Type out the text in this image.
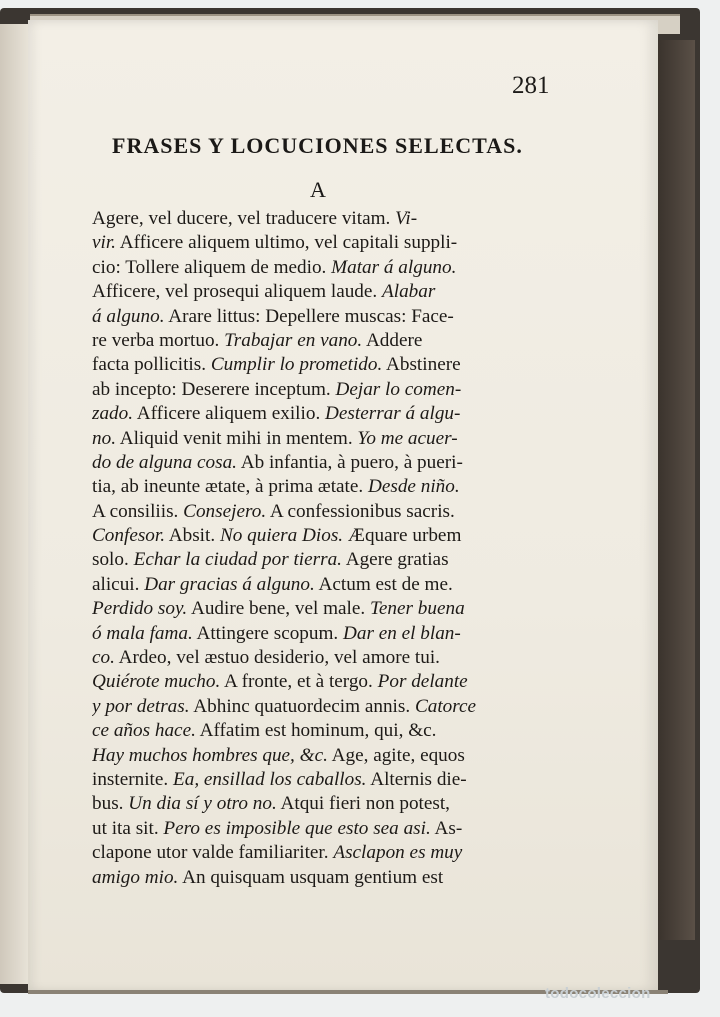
281
FRASES Y LOCUCIONES SELECTAS.
A
Agere, vel ducere, vel traducere vitam. Vi-
vir. Afficere aliquem ultimo, vel capitali suppli-
cio: Tollere aliquem de medio. Matar á alguno.
Afficere, vel prosequi aliquem laude. Alabar
á alguno. Arare littus: Depellere muscas: Face-
re verba mortuo. Trabajar en vano. Addere
facta pollicitis. Cumplir lo prometido. Abstinere
ab incepto: Deserere inceptum. Dejar lo comen-
zado. Afficere aliquem exilio. Desterrar á algu-
no. Aliquid venit mihi in mentem. Yo me acuer-
do de alguna cosa. Ab infantia, à puero, à pueri-
tia, ab ineunte ætate, à prima ætate. Desde niño.
A consiliis. Consejero. A confessionibus sacris.
Confesor. Absit. No quiera Dios. Æquare urbem
solo. Echar la ciudad por tierra. Agere gratias
alicui. Dar gracias á alguno. Actum est de me.
Perdido soy. Audire bene, vel male. Tener buena
ó mala fama. Attingere scopum. Dar en el blan-
co. Ardeo, vel æstuo desiderio, vel amore tui.
Quiérote mucho. A fronte, et à tergo. Por delante
y por detras. Abhinc quatuordecim annis. Catorce
ce años hace. Affatim est hominum, qui, &c.
Hay muchos hombres que, &c. Age, agite, equos
insternite. Ea, ensillad los caballos. Alternis die-
bus. Un dia sí y otro no. Atqui fieri non potest,
ut ita sit. Pero es imposible que esto sea asi. As-
clapone utor valde familiariter. Asclapon es muy
amigo mio. An quisquam usquam gentium est
todocoleccion
